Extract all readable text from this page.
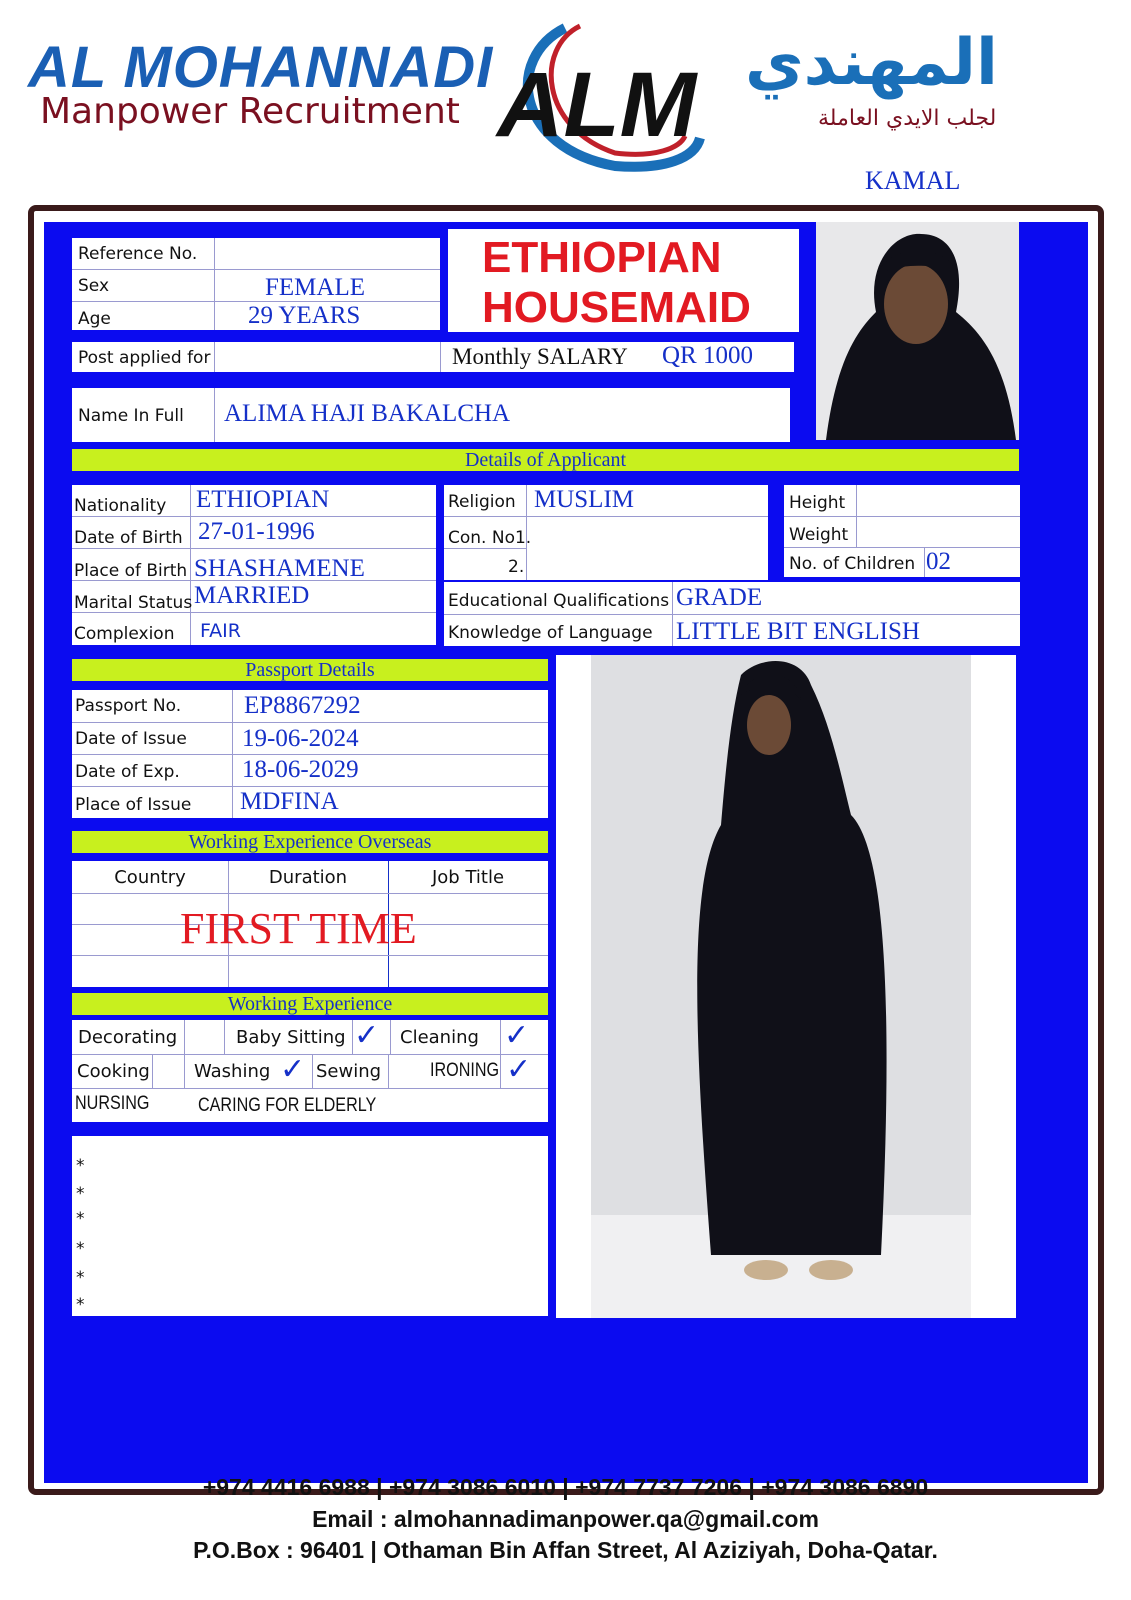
AL MOHANNADI
Manpower Recruitment ALM المهندي
لجلب الايدي العاملة
KAMAL
Reference No.
Sex	FEMALE
Age	29 YEARS
ETHIOPIAN
HOUSEMAID
Post applied for	Monthly SALARY QR 1000
Name In Full ALIMA HAJI BAKALCHA
Details of Applicant
Nationality ETHIOPIAN
Date of Birth 27-01-1996
Place of Birth SHASHAMENE
Marital Status MARRIED
Complexion FAIR
Religion MUSLIM
Con. No1.
2.
Height
Weight
No. of Children 02
Educational Qualifications GRADE
Knowledge of Language LITTLE BIT ENGLISH
Passport Details
Passport No.	EP8867292
Date of Issue 19-06-2024
Date of Exp. 18-06-2029
Place of Issue MDFINA
Working Experience Overseas
Country	Duration	Job Title
FIRST TIME
Working Experience
Decorating	Baby Sitting ✓ Cleaning ✓
Cooking Washing ✓ Sewing	IRONING ✓
NURSING	CARING FOR ELDERLY
*
*
*
*
*
*
+974 4416 6988 | +974 3086 6010 | +974 7737 7206 | +974 3086 6890
Email : almohannadimanpower.qa@gmail.com
P.O.Box : 96401 | Othaman Bin Affan Street, Al Aziziyah, Doha-Qatar.
